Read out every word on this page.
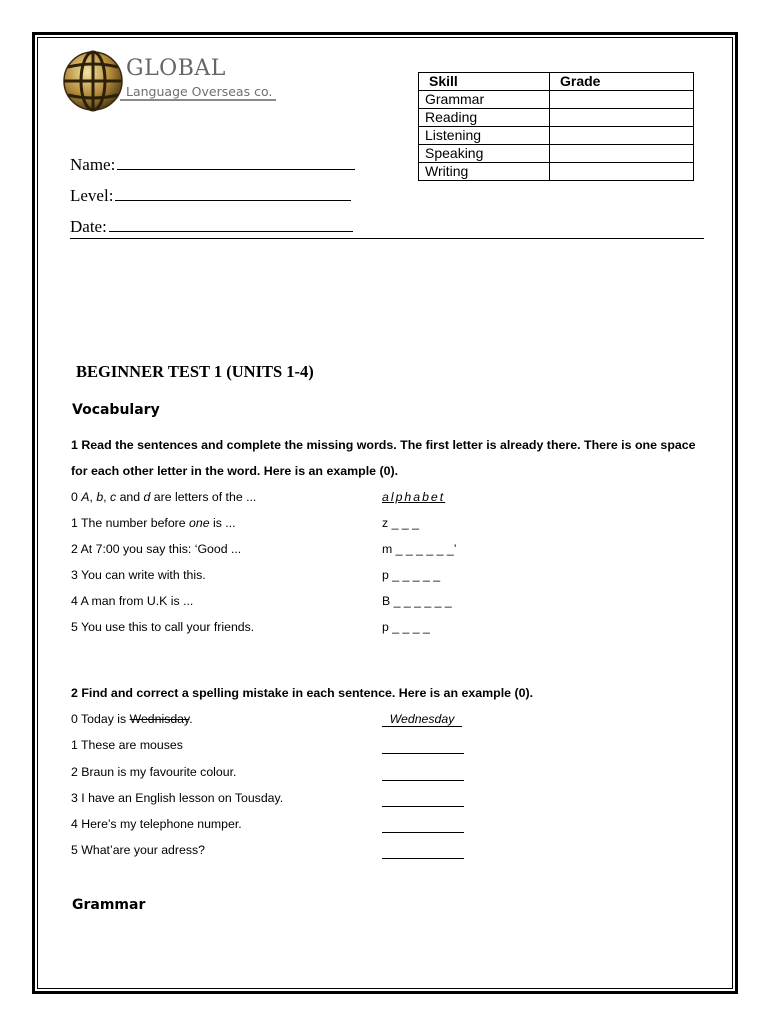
GLOBAL
Language Overseas co.
Skill	Grade
Grammar	
Reading	
Listening	
Speaking	
Writing	
Name:
Level:
Date:
BEGINNER TEST 1 (UNITS 1-4)
Vocabulary
1 Read the sentences and complete the missing words. The first letter is already there. There is one space for each other letter in the word. Here is an example (0).
0 A, b, c and d are letters of the ...	alphabet
1 The number before one is ...	z _ _ _
2 At 7:00 you say this: ‘Good ...	m _ _ _ _ _ _’
3 You can write with this.	p _ _ _ _ _
4 A man from U.K is ...	B _ _ _ _ _ _
5 You use this to call your friends.	p _ _ _ _
2 Find and correct a spelling mistake in each sentence. Here is an example (0).
0 Today is Wednisday.	Wednesday
1 These are mouses
2 Braun is my favourite colour.
3 I have an English lesson on Tousday.
4 Here’s my telephone numper.
5 What’are your adress?
Grammar
